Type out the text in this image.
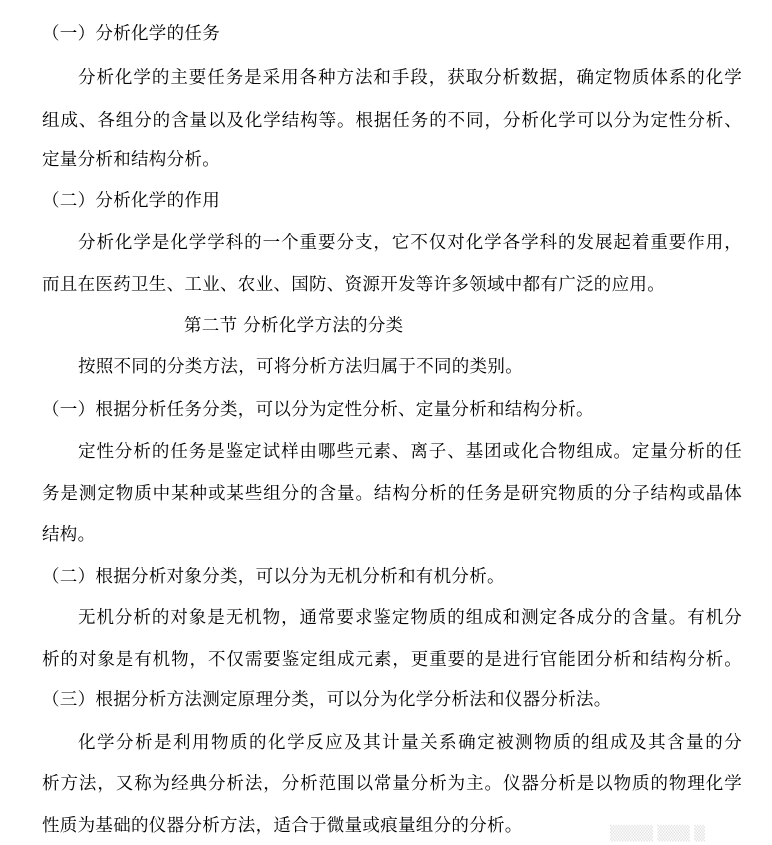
（一）分析化学的任务
分析化学的主要任务是采用各种方法和手段，获取分析数据，确定物质体系的化学
组成、各组分的含量以及化学结构等。根据任务的不同，分析化学可以分为定性分析、
定量分析和结构分析。
（二）分析化学的作用
分析化学是化学学科的一个重要分支，它不仅对化学各学科的发展起着重要作用，
而且在医药卫生、工业、农业、国防、资源开发等许多领域中都有广泛的应用。
第二节 分析化学方法的分类
按照不同的分类方法，可将分析方法归属于不同的类别。
（一）根据分析任务分类，可以分为定性分析、定量分析和结构分析。
定性分析的任务是鉴定试样由哪些元素、离子、基团或化合物组成。定量分析的任
务是测定物质中某种或某些组分的含量。结构分析的任务是研究物质的分子结构或晶体
结构。
（二）根据分析对象分类，可以分为无机分析和有机分析。
无机分析的对象是无机物，通常要求鉴定物质的组成和测定各成分的含量。有机分
析的对象是有机物，不仅需要鉴定组成元素，更重要的是进行官能团分析和结构分析。
（三）根据分析方法测定原理分类，可以分为化学分析法和仪器分析法。
化学分析是利用物质的化学反应及其计量关系确定被测物质的组成及其含量的分
析方法，又称为经典分析法，分析范围以常量分析为主。仪器分析是以物质的物理化学
性质为基础的仪器分析方法，适合于微量或痕量组分的分析。	▒▒▒▒ ▒▒▒ ▒
